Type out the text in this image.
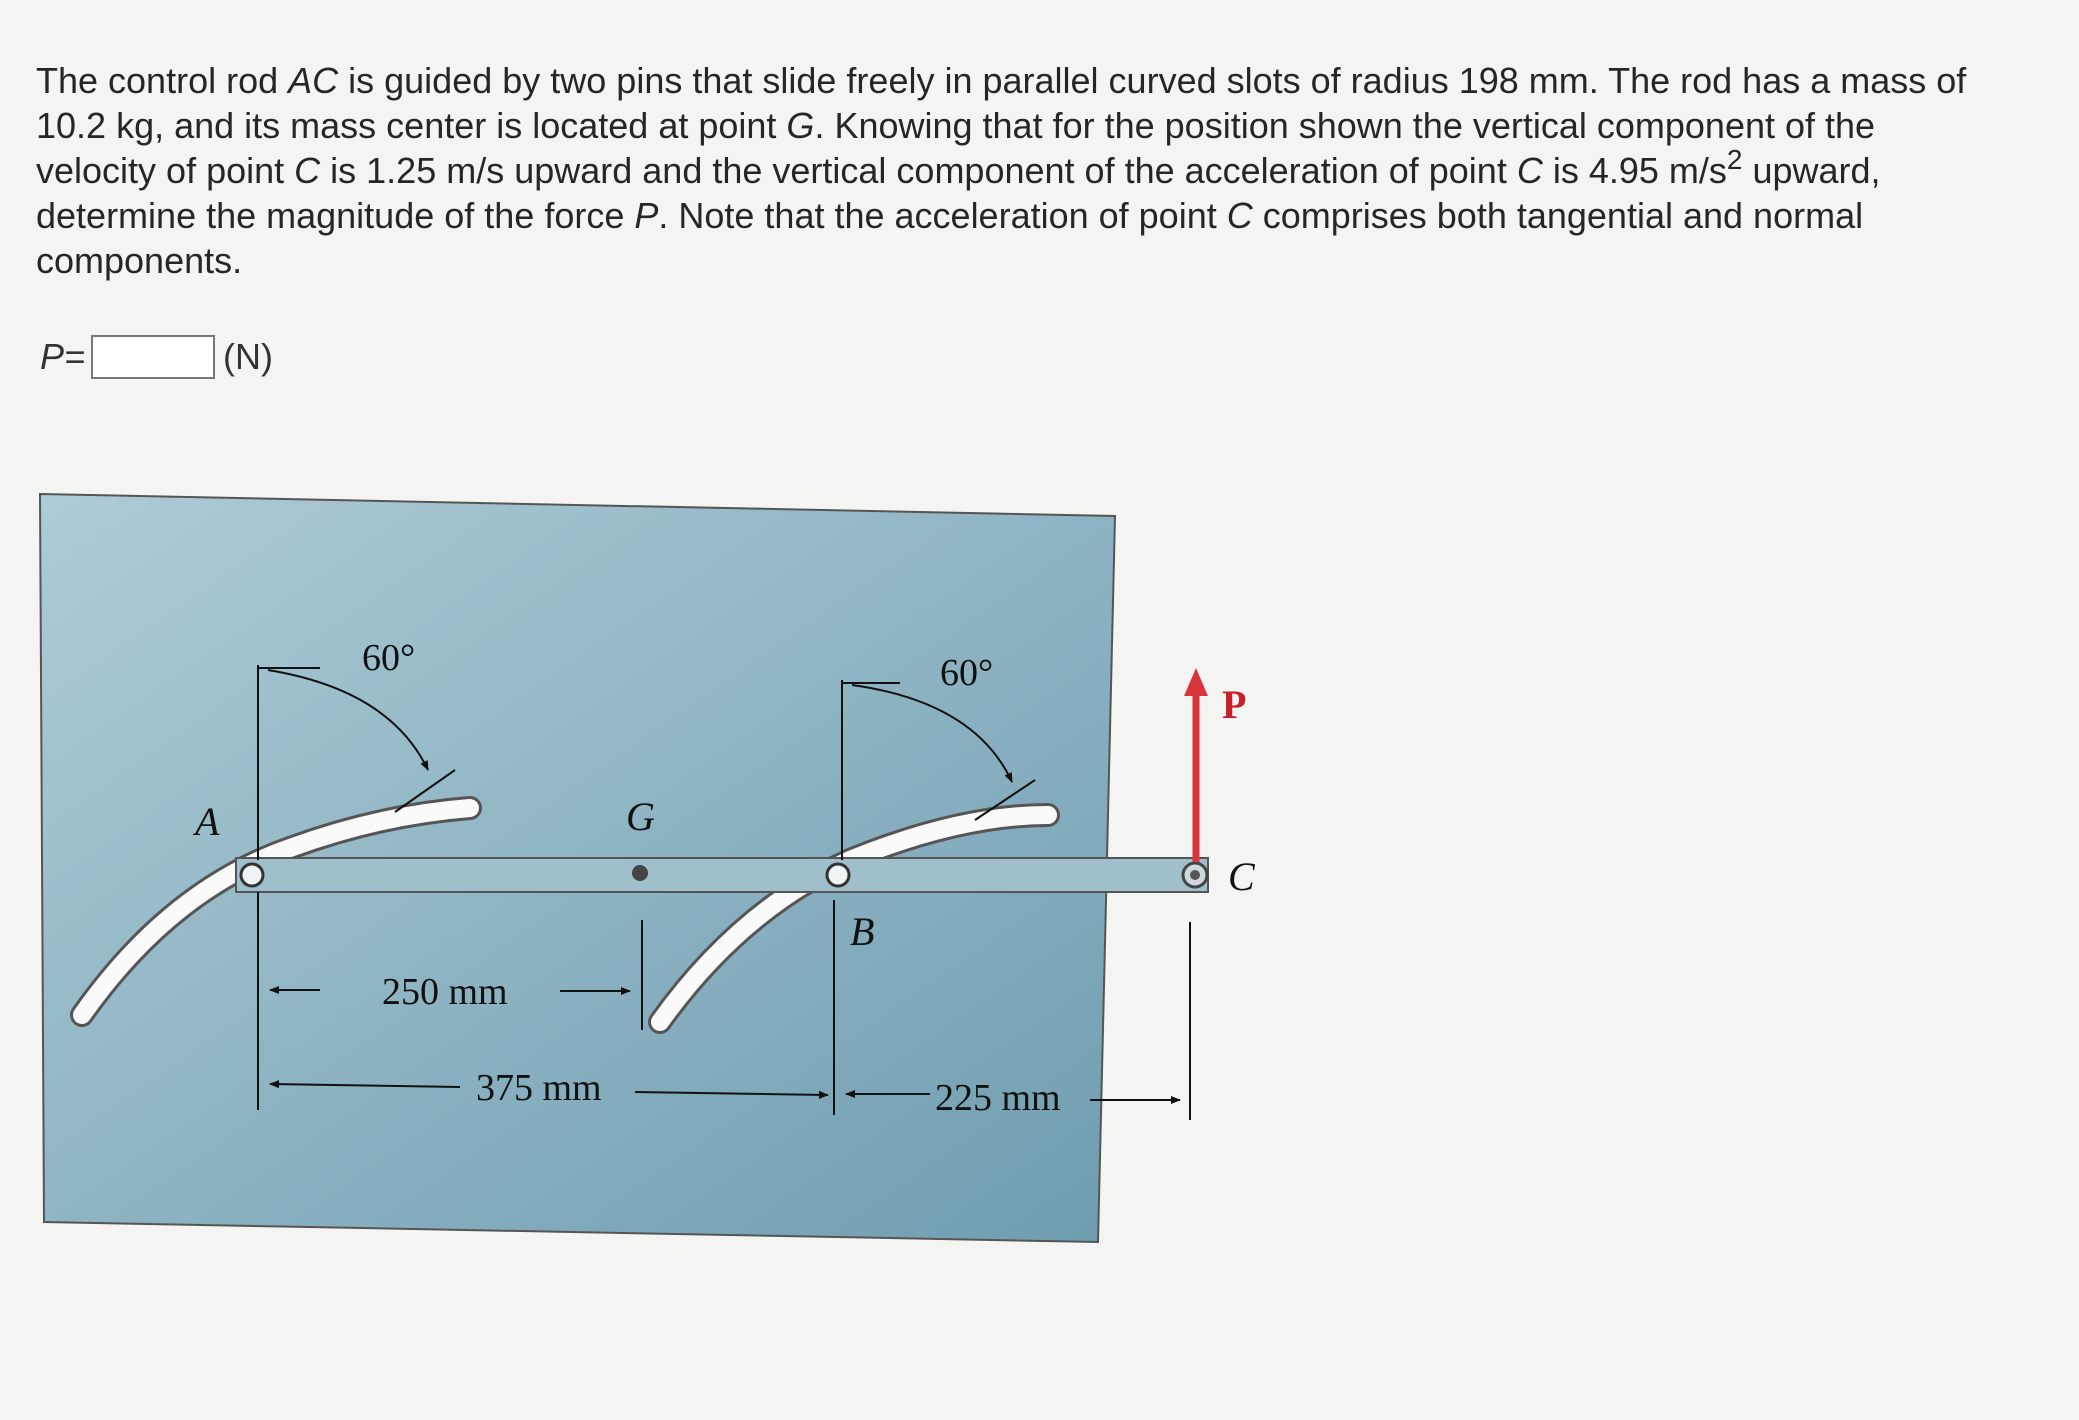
The control rod AC is guided by two pins that slide freely in parallel curved slots of radius 198 mm. The rod has a mass of 10.2 kg, and its mass center is located at point G. Knowing that for the position shown the vertical component of the velocity of point C is 1.25 m/s upward and the vertical component of the acceleration of point C is 4.95 $m/s^2$ upward, determine the magnitude of the force P. Note that the acceleration of point C comprises both tangential and normal components.

P=	(N)
60°	60°
A	G
B
C
P
250 mm
375 mm	225 mm
